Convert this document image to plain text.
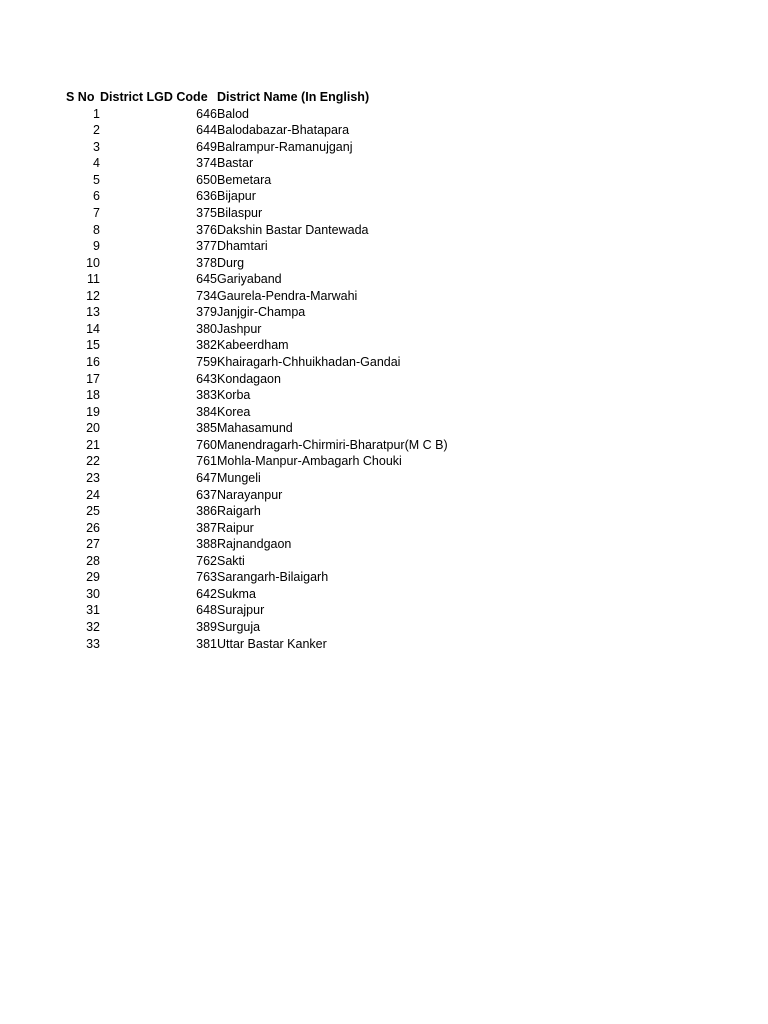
S No	District LGD Code	District Name (In English)
1	646	Balod
2	644	Balodabazar-Bhatapara
3	649	Balrampur-Ramanujganj
4	374	Bastar
5	650	Bemetara
6	636	Bijapur
7	375	Bilaspur
8	376	Dakshin Bastar Dantewada
9	377	Dhamtari
10	378	Durg
11	645	Gariyaband
12	734	Gaurela-Pendra-Marwahi
13	379	Janjgir-Champa
14	380	Jashpur
15	382	Kabeerdham
16	759	Khairagarh-Chhuikhadan-Gandai
17	643	Kondagaon
18	383	Korba
19	384	Korea
20	385	Mahasamund
21	760	Manendragarh-Chirmiri-Bharatpur(M C B)
22	761	Mohla-Manpur-Ambagarh Chouki
23	647	Mungeli
24	637	Narayanpur
25	386	Raigarh
26	387	Raipur
27	388	Rajnandgaon
28	762	Sakti
29	763	Sarangarh-Bilaigarh
30	642	Sukma
31	648	Surajpur
32	389	Surguja
33	381	Uttar Bastar Kanker
